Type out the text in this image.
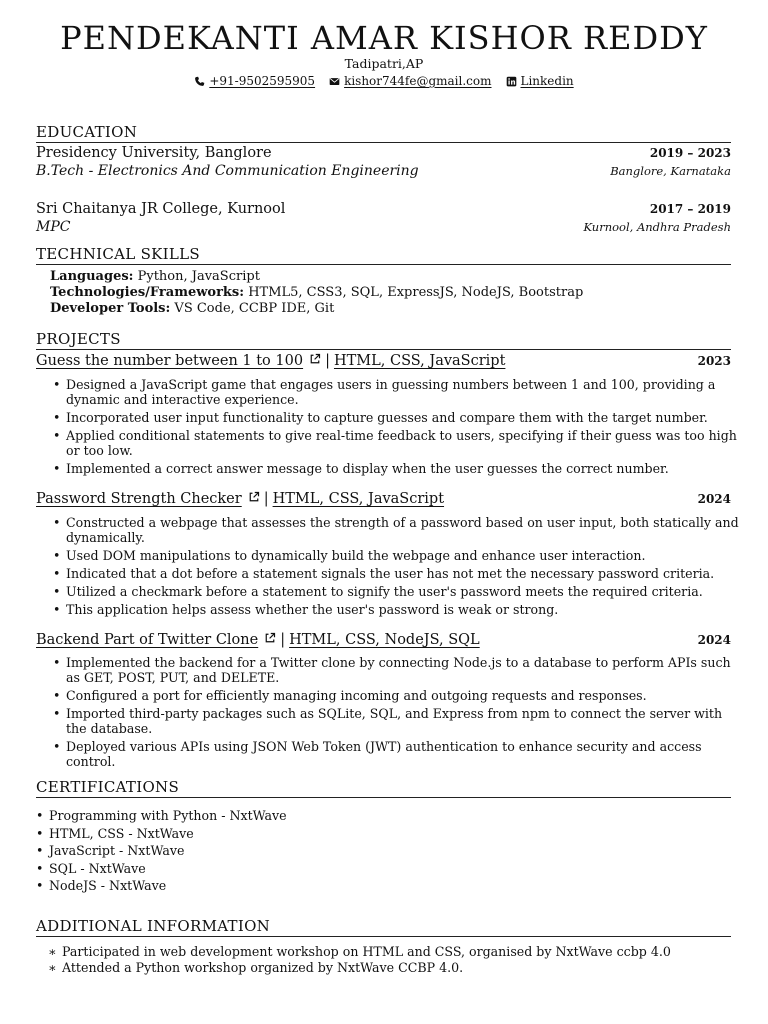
PENDEKANTI AMAR KISHOR REDDY
Tadipatri,AP
+91-9502595905 kishor744fe@gmail.com Linkedin
EDUCATION
Presidency University, Banglore	2019 – 2023
B.Tech - Electronics And Communication Engineering	Banglore, Karnataka
Sri Chaitanya JR College, Kurnool	2017 – 2019
MPC	Kurnool, Andhra Pradesh
TECHNICAL SKILLS
Languages: Python, JavaScript
Technologies/Frameworks: HTML5, CSS3, SQL, ExpressJS, NodeJS, Bootstrap
Developer Tools: VS Code, CCBP IDE, Git
PROJECTS
Guess the number between 1 to 100 | HTML, CSS, JavaScript	2023
• Designed a JavaScript game that engages users in guessing numbers between 1 and 100, providing a dynamic and interactive experience.
• Incorporated user input functionality to capture guesses and compare them with the target number.
• Applied conditional statements to give real-time feedback to users, specifying if their guess was too high or too low.
• Implemented a correct answer message to display when the user guesses the correct number.
Password Strength Checker | HTML, CSS, JavaScript	2024
• Constructed a webpage that assesses the strength of a password based on user input, both statically and dynamically.
• Used DOM manipulations to dynamically build the webpage and enhance user interaction.
• Indicated that a dot before a statement signals the user has not met the necessary password criteria.
• Utilized a checkmark before a statement to signify the user's password meets the required criteria.
• This application helps assess whether the user's password is weak or strong.
Backend Part of Twitter Clone | HTML, CSS, NodeJS, SQL	2024
• Implemented the backend for a Twitter clone by connecting Node.js to a database to perform APIs such as GET, POST, PUT, and DELETE.
• Configured a port for efficiently managing incoming and outgoing requests and responses.
• Imported third-party packages such as SQLite, SQL, and Express from npm to connect the server with the database.
• Deployed various APIs using JSON Web Token (JWT) authentication to enhance security and access control.
CERTIFICATIONS
• Programming with Python - NxtWave
• HTML, CSS - NxtWave
• JavaScript - NxtWave
• SQL - NxtWave
• NodeJS - NxtWave
ADDITIONAL INFORMATION
∗ Participated in web development workshop on HTML and CSS, organised by NxtWave ccbp 4.0
∗ Attended a Python workshop organized by NxtWave CCBP 4.0.
